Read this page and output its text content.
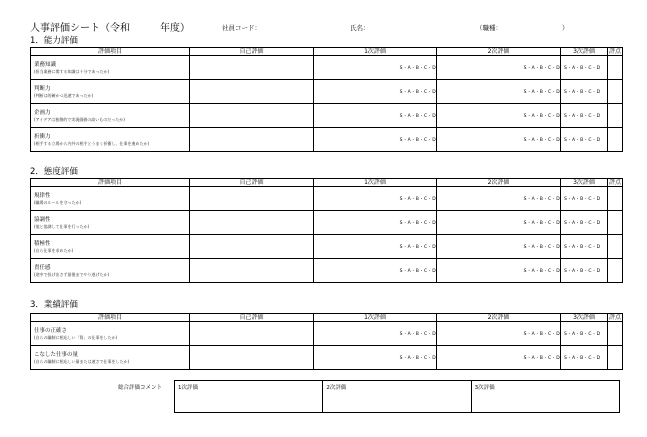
人事評価シート（令和　　　年度）	社員コード：	氏名：	（職種：	）
1．能力評価
評価項目	自己評価	1次評価	2次評価	3次評価	評点

業務知識
(担当業務に関する知識は十分であったか)		S・A・B・C・D	S・A・B・C・D	S・A・B・C・D	

判断力
(判断は的確かつ迅速であったか)		S・A・B・C・D	S・A・B・C・D	S・A・B・C・D	

企画力
(アイデアは独創的で実現価値の高いものだったか)		S・A・B・C・D	S・A・B・C・D	S・A・B・C・D	

折衝力
(相手する立場から内外の相手とうまく折衝し、仕事を進めたか)		S・A・B・C・D	S・A・B・C・D	S・A・B・C・D	
2．態度評価
評価項目	自己評価	1次評価	2次評価	3次評価	評点

規律性
(職場のルールを守ったか)		S・A・B・C・D	S・A・B・C・D	S・A・B・C・D	

協調性
(他と協調して仕事を行ったか)		S・A・B・C・D	S・A・B・C・D	S・A・B・C・D	

積極性
(自ら仕事を求めたか)		S・A・B・C・D	S・A・B・C・D	S・A・B・C・D	

責任感
(途中で投げ出さず最後までやり遂げたか)		S・A・B・C・D	S・A・B・C・D	S・A・B・C・D	
3．業績評価
評価項目	自己評価	1次評価	2次評価	3次評価	評点

仕事の正確さ
(自らの職制に相応しい「質」の仕事をしたか)		S・A・B・C・D	S・A・B・C・D	S・A・B・C・D	

こなした仕事の量
(自らの職制に相応しい量または速さで仕事をしたか)		S・A・B・C・D	S・A・B・C・D	S・A・B・C・D	
総合評価コメント	1次評価	2次評価	3次評価
